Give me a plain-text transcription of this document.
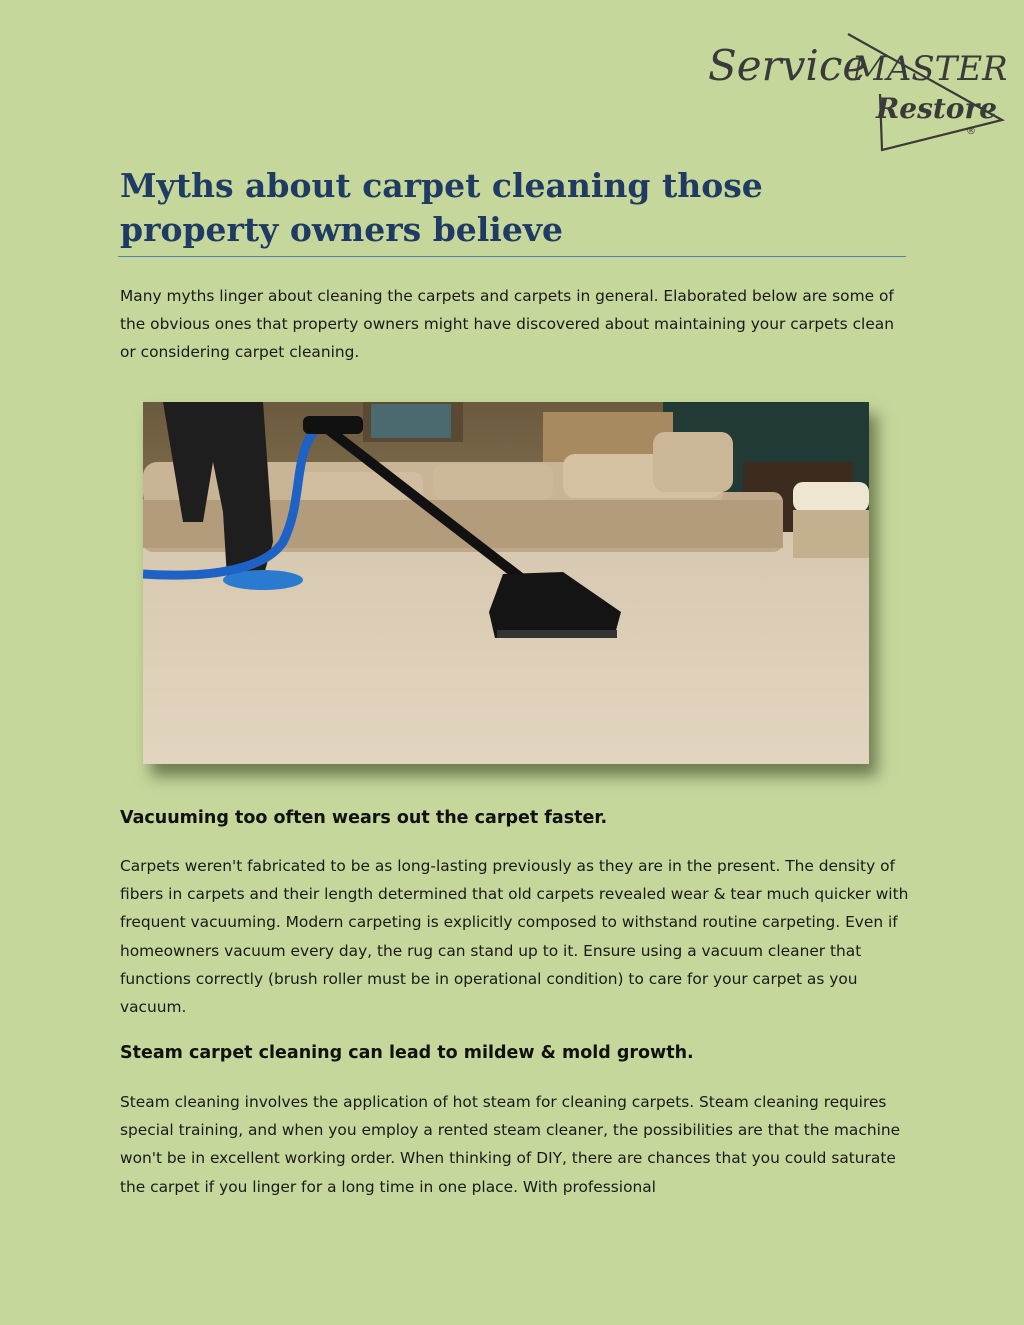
Service
MASTER
Restore
®
Myths about carpet cleaning those property owners believe

Many myths linger about cleaning the carpets and carpets in general. Elaborated below are some of the obvious ones that property owners might have discovered about maintaining your carpets clean or considering carpet cleaning.

Vacuuming too often wears out the carpet faster.

Carpets weren't fabricated to be as long-lasting previously as they are in the present. The density of fibers in carpets and their length determined that old carpets revealed wear & tear much quicker with frequent vacuuming. Modern carpeting is explicitly composed to withstand routine carpeting. Even if homeowners vacuum every day, the rug can stand up to it. Ensure using a vacuum cleaner that functions correctly (brush roller must be in operational condition) to care for your carpet as you vacuum.

Steam carpet cleaning can lead to mildew & mold growth.

Steam cleaning involves the application of hot steam for cleaning carpets. Steam cleaning requires special training, and when you employ a rented steam cleaner, the possibilities are that the machine won't be in excellent working order. When thinking of DIY, there are chances that you could saturate the carpet if you linger for a long time in one place. With professional
